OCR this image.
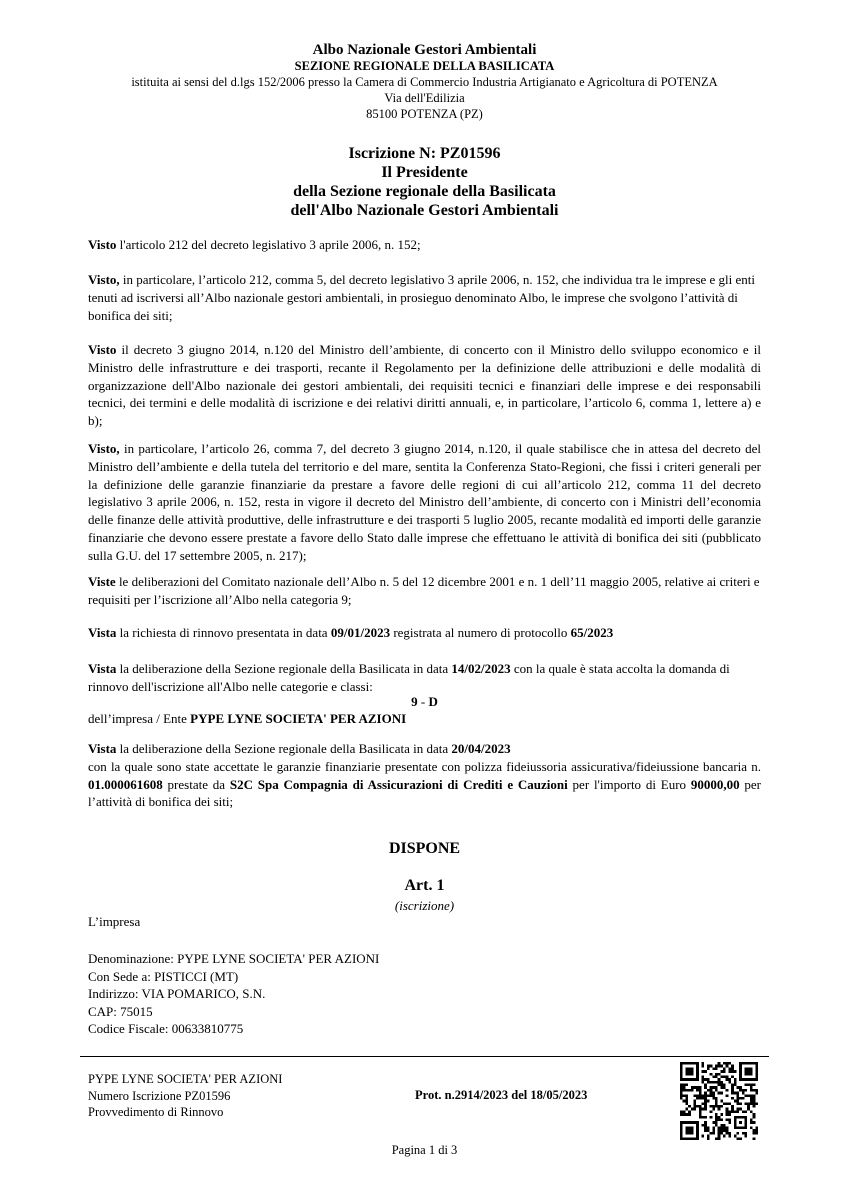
Albo Nazionale Gestori Ambientali
SEZIONE REGIONALE DELLA BASILICATA
istituita ai sensi del d.lgs 152/2006 presso la Camera di Commercio Industria Artigianato e Agricoltura di POTENZA
Via dell'Edilizia
85100 POTENZA (PZ)
Iscrizione N: PZ01596
Il Presidente
della Sezione regionale della Basilicata
dell'Albo Nazionale Gestori Ambientali
Visto l'articolo 212 del decreto legislativo 3 aprile 2006, n. 152;
Visto, in particolare, l’articolo 212, comma 5, del decreto legislativo 3 aprile 2006, n. 152, che individua tra le imprese e gli enti tenuti ad iscriversi all’Albo nazionale gestori ambientali, in prosieguo denominato Albo, le imprese che svolgono l’attività di bonifica dei siti;
Visto il decreto 3 giugno 2014, n.120 del Ministro dell’ambiente, di concerto con il Ministro dello sviluppo economico e il Ministro delle infrastrutture e dei trasporti, recante il Regolamento per la definizione delle attribuzioni e delle modalità di organizzazione dell'Albo nazionale dei gestori ambientali, dei requisiti tecnici e finanziari delle imprese e dei responsabili tecnici, dei termini e delle modalità di iscrizione e dei relativi diritti annuali, e, in particolare, l’articolo 6, comma 1, lettere a) e b);
Visto, in particolare, l’articolo 26, comma 7, del decreto 3 giugno 2014, n.120, il quale stabilisce che in attesa del decreto del Ministro dell’ambiente e della tutela del territorio e del mare, sentita la Conferenza Stato-Regioni, che fissi i criteri generali per la definizione delle garanzie finanziarie da prestare a favore delle regioni di cui all’articolo 212, comma 11 del decreto legislativo 3 aprile 2006, n. 152, resta in vigore il decreto del Ministro dell’ambiente, di concerto con i Ministri dell’economia delle finanze delle attività produttive, delle infrastrutture e dei trasporti 5 luglio 2005, recante modalità ed importi delle garanzie finanziarie che devono essere prestate a favore dello Stato dalle imprese che effettuano le attività di bonifica dei siti (pubblicato sulla G.U. del 17 settembre 2005, n. 217);
Viste le deliberazioni del Comitato nazionale dell’Albo n. 5 del 12 dicembre 2001 e n. 1 dell’11 maggio 2005, relative ai criteri e requisiti per l’iscrizione all’Albo nella categoria 9;
Vista la richiesta di rinnovo presentata in data 09/01/2023 registrata al numero di protocollo 65/2023
Vista la deliberazione della Sezione regionale della Basilicata in data 14/02/2023 con la quale è stata accolta la domanda di rinnovo dell'iscrizione all'Albo nelle categorie e classi:
9 - D
dell’impresa / Ente PYPE LYNE SOCIETA' PER AZIONI
Vista la deliberazione della Sezione regionale della Basilicata in data 20/04/2023
con la quale sono state accettate le garanzie finanziarie presentate con polizza fideiussoria assicurativa/fideiussione bancaria n. 01.000061608 prestate da S2C Spa Compagnia di Assicurazioni di Crediti e Cauzioni per l'importo di Euro 90000,00 per l’attività di bonifica dei siti;
DISPONE
Art. 1
(iscrizione)
L’impresa
Denominazione: PYPE LYNE SOCIETA' PER AZIONI
Con Sede a: PISTICCI (MT)
Indirizzo: VIA POMARICO, S.N.
CAP: 75015
Codice Fiscale: 00633810775
PYPE LYNE SOCIETA' PER AZIONI
Numero Iscrizione PZ01596
Provvedimento di Rinnovo
Prot. n.2914/2023 del 18/05/2023
Pagina 1 di 3
